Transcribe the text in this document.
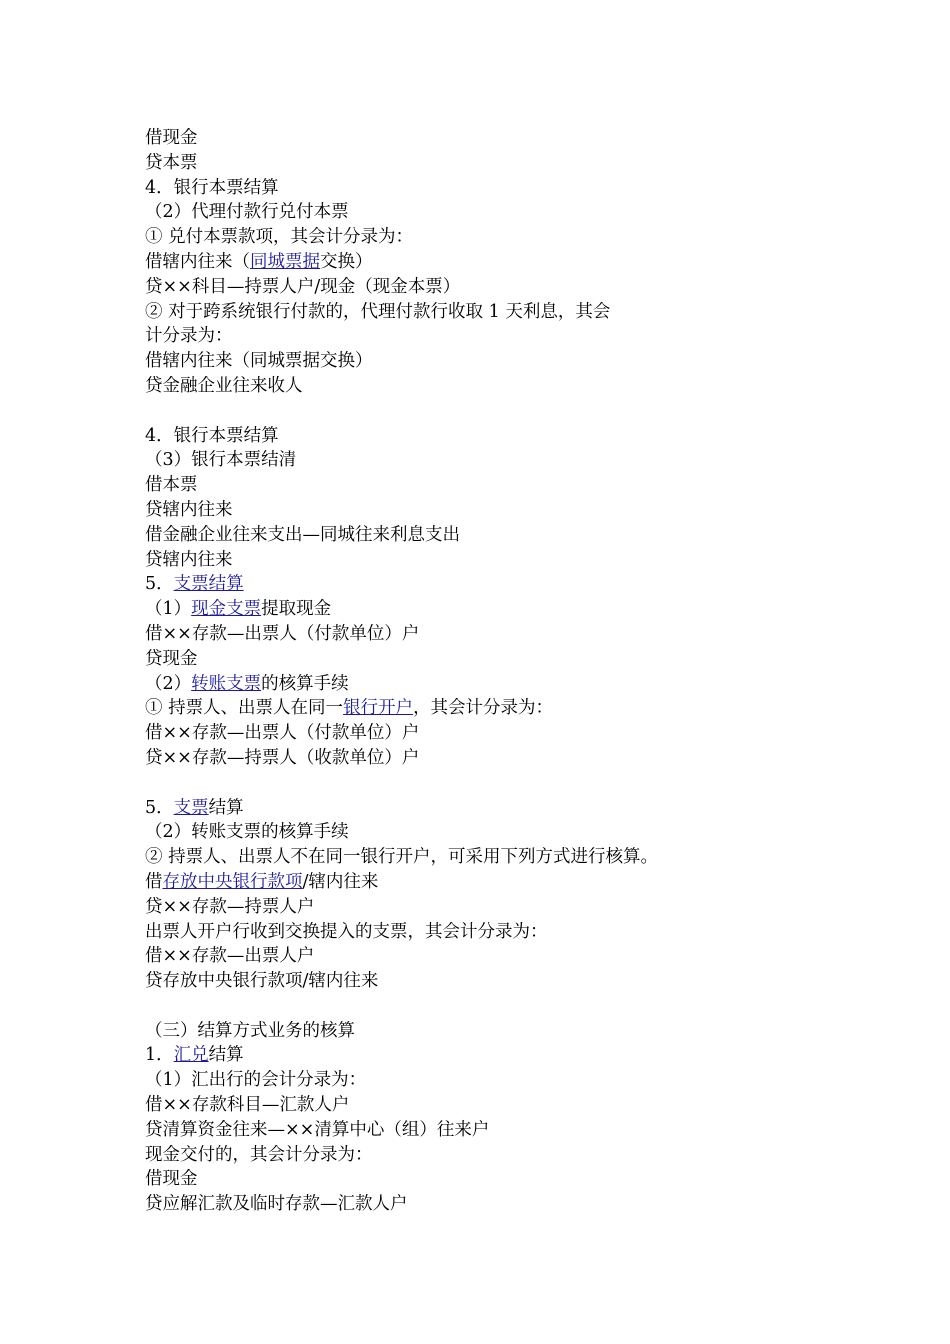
借现金
贷本票
4．银行本票结算
（2）代理付款行兑付本票
① 兑付本票款项，其会计分录为：
借辖内往来（同城票据交换）
贷××科目—持票人户/现金（现金本票）
② 对于跨系统银行付款的，代理付款行收取 1 天利息，其会
计分录为：
借辖内往来（同城票据交换）
贷金融企业往来收人
4．银行本票结算
（3）银行本票结清
借本票
贷辖内往来
借金融企业往来支出—同城往来利息支出
贷辖内往来
5．支票结算
（1）现金支票提取现金
借××存款—出票人（付款单位）户
贷现金
（2）转账支票的核算手续
① 持票人、出票人在同一银行开户，其会计分录为：
借××存款—出票人（付款单位）户
贷××存款—持票人（收款单位）户
5．支票结算
（2）转账支票的核算手续
② 持票人、出票人不在同一银行开户，可采用下列方式进行核算。
借存放中央银行款项/辖内往来
贷××存款—持票人户
出票人开户行收到交换提入的支票，其会计分录为：
借××存款—出票人户
贷存放中央银行款项/辖内往来
（三）结算方式业务的核算
1．汇兑结算
（1）汇出行的会计分录为：
借××存款科目—汇款人户
贷清算资金往来—××清算中心（组）往来户
现金交付的，其会计分录为：
借现金
贷应解汇款及临时存款—汇款人户
